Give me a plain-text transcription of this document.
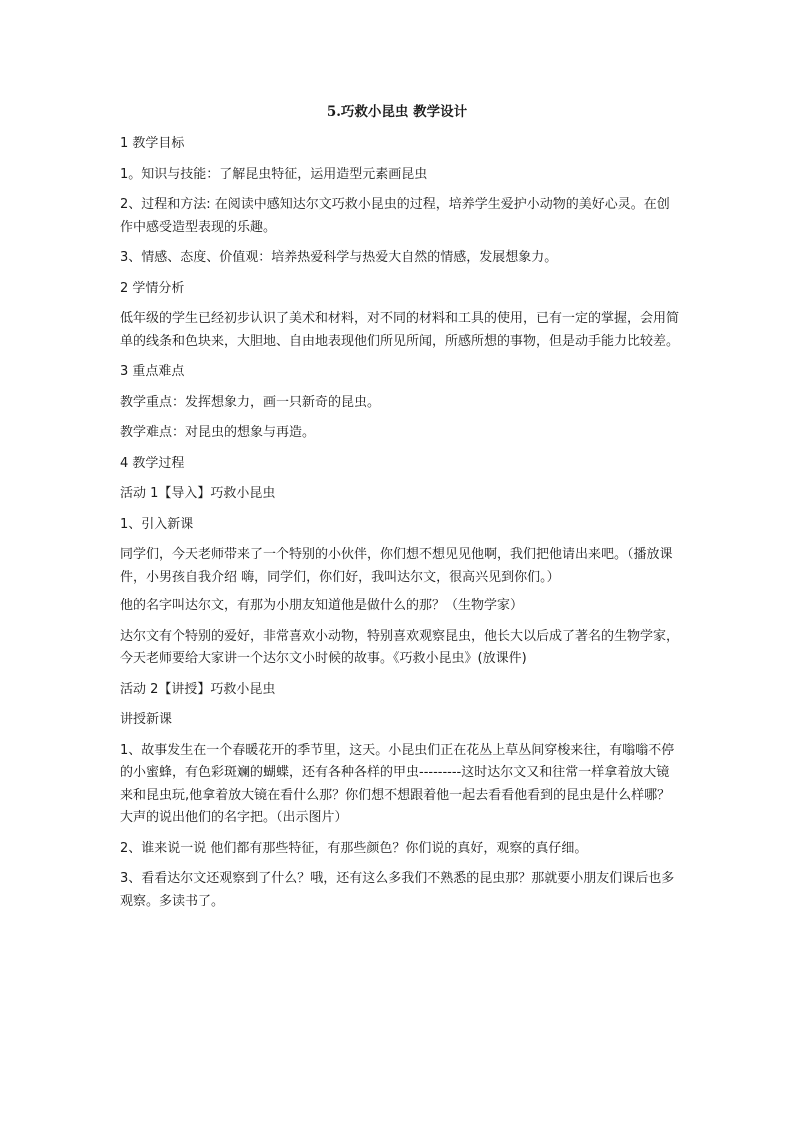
5.巧救小昆虫 教学设计

1 教学目标

1。知识与技能：了解昆虫特征，运用造型元素画昆虫

2、过程和方法: 在阅读中感知达尔文巧救小昆虫的过程，培养学生爱护小动物的美好心灵。在创作中感受造型表现的乐趣。

3、情感、态度、价值观：培养热爱科学与热爱大自然的情感，发展想象力。

2 学情分析

低年级的学生已经初步认识了美术和材料，对不同的材料和工具的使用，已有一定的掌握，会用简单的线条和色块来，大胆地、自由地表现他们所见所闻，所感所想的事物，但是动手能力比较差。

3 重点难点

教学重点：发挥想象力，画一只新奇的昆虫。

教学难点：对昆虫的想象与再造。

4 教学过程

活动 1【导入】巧救小昆虫

1、引入新课

同学们，今天老师带来了一个特别的小伙伴，你们想不想见见他啊，我们把他请出来吧。（播放课件，小男孩自我介绍 嗨，同学们，你们好，我叫达尔文，很高兴见到你们。）

他的名字叫达尔文，有那为小朋友知道他是做什么的那？（生物学家）

达尔文有个特别的爱好，非常喜欢小动物，特别喜欢观察昆虫，他长大以后成了著名的生物学家，今天老师要给大家讲一个达尔文小时候的故事。《巧救小昆虫》(放课件)

活动 2【讲授】巧救小昆虫

讲授新课

1、故事发生在一个春暖花开的季节里，这天。小昆虫们正在花丛上草丛间穿梭来往，有嗡嗡不停的小蜜蜂，有色彩斑斓的蝴蝶，还有各种各样的甲虫---------这时达尔文又和往常一样拿着放大镜来和昆虫玩,他拿着放大镜在看什么那？你们想不想跟着他一起去看看他看到的昆虫是什么样哪？大声的说出他们的名字把。（出示图片）

2、谁来说一说 他们都有那些特征，有那些颜色？你们说的真好，观察的真仔细。

3、看看达尔文还观察到了什么？哦，还有这么多我们不熟悉的昆虫那？那就要小朋友们课后也多观察。多读书了。
